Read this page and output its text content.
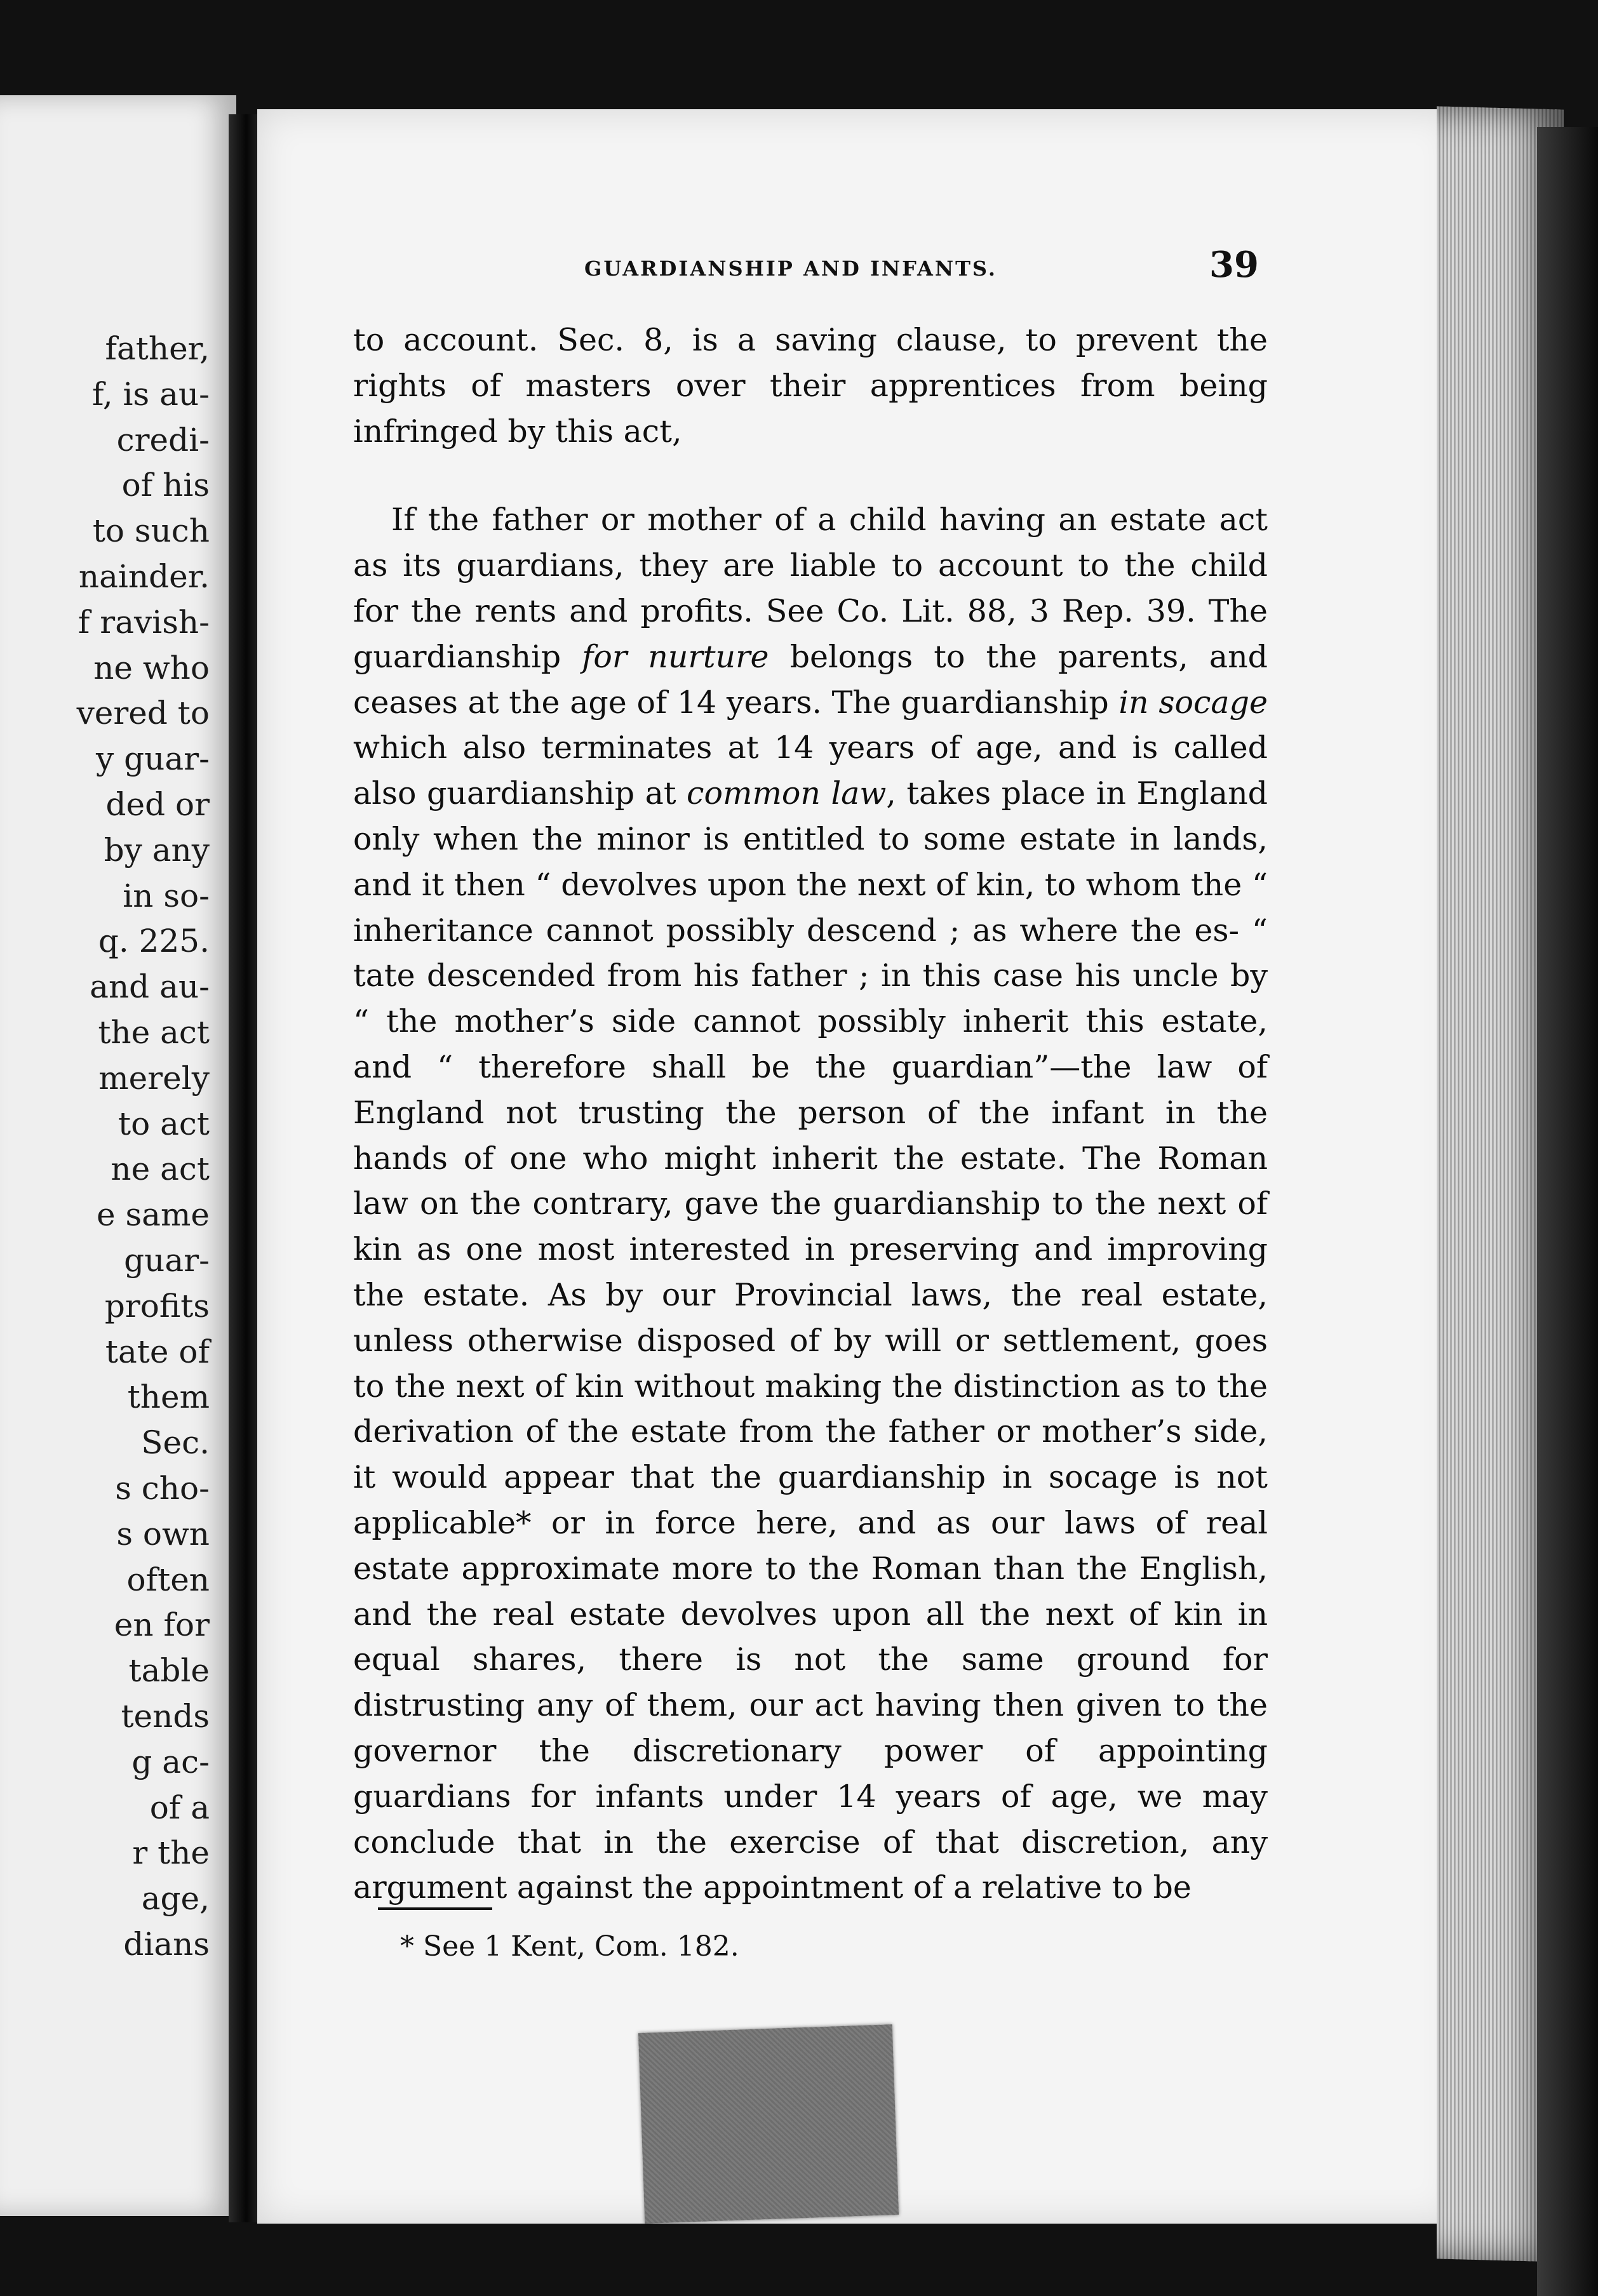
father,
f, is au-
credi-
of his
to such
nainder.
f ravish-
ne who
vered to
y guar-
ded or
by any
in so-
q. 225.
and au-
the act
merely
to act
ne act
e same
guar-
profits
tate of
them
Sec.
s cho-
s own
often
en for
table
tends
g ac-
of a
r the
age,
dians
GUARDIANSHIP AND INFANTS.	39

to account. Sec. 8, is a saving clause, to prevent the rights of masters over their apprentices from being infringed by this act,

If the father or mother of a child having an estate act as its guardians, they are liable to account to the child for the rents and profits. See Co. Lit. 88, 3 Rep. 39. The guardianship for nurture belongs to the parents, and ceases at the age of 14 years. The guardianship in socage which also terminates at 14 years of age, and is called also guardianship at common law, takes place in England only when the minor is entitled to some estate in lands, and it then “ devolves upon the next of kin, to whom the “ inheritance cannot possibly descend ; as where the es- “ tate descended from his father ; in this case his uncle by “ the mother’s side cannot possibly inherit this estate, and “ therefore shall be the guardian”—the law of England not trusting the person of the infant in the hands of one who might inherit the estate. The Roman law on the contrary, gave the guardianship to the next of kin as one most interested in preserving and improving the estate. As by our Provincial laws, the real estate, unless otherwise disposed of by will or settlement, goes to the next of kin without making the distinction as to the derivation of the estate from the father or mother’s side, it would appear that the guardianship in socage is not applicable* or in force here, and as our laws of real estate approximate more to the Roman than the English, and the real estate devolves upon all the next of kin in equal shares, there is not the same ground for distrusting any of them, our act having then given to the governor the discretionary power of appointing guardians for infants under 14 years of age, we may conclude that in the exercise of that discretion, any argument against the appointment of a relative to be
* See 1 Kent, Com. 182.
